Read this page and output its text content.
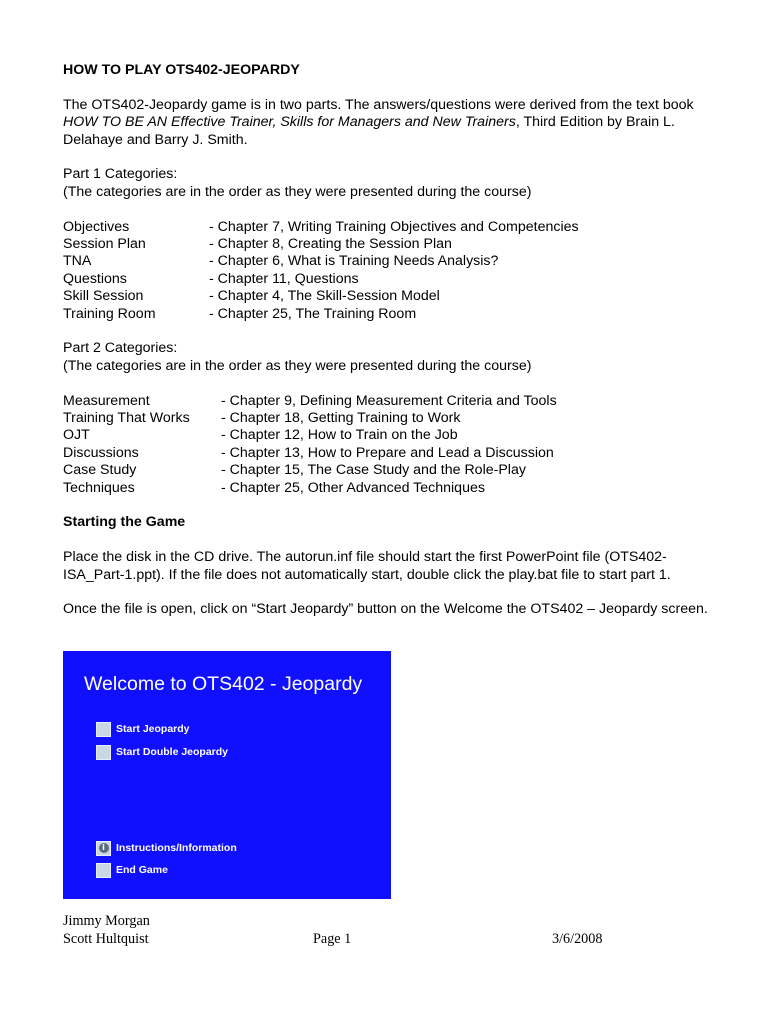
HOW TO PLAY OTS402-JEOPARDY

The OTS402-Jeopardy game is in two parts. The answers/questions were derived from the text book HOW TO BE AN Effective Trainer, Skills for Managers and New Trainers, Third Edition by Brain L. Delahaye and Barry J. Smith.

Part 1 Categories:

(The categories are in the order as they were presented during the course)

Objectives	- Chapter 7, Writing Training Objectives and Competencies
Session Plan	- Chapter 8, Creating the Session Plan
TNA	- Chapter 6, What is Training Needs Analysis?
Questions	- Chapter 11, Questions
Skill Session	- Chapter 4, The Skill-Session Model
Training Room	- Chapter 25, The Training Room

Part 2 Categories:

(The categories are in the order as they were presented during the course)

Measurement	- Chapter 9, Defining Measurement Criteria and Tools
Training That Works	- Chapter 18, Getting Training to Work
OJT	- Chapter 12, How to Train on the Job
Discussions	- Chapter 13, How to Prepare and Lead a Discussion
Case Study	- Chapter 15, The Case Study and the Role-Play
Techniques	- Chapter 25, Other Advanced Techniques

Starting the Game

Place the disk in the CD drive. The autorun.inf file should start the first PowerPoint file (OTS402-ISA_Part-1.ppt). If the file does not automatically start, double click the play.bat file to start part 1.

Once the file is open, click on “Start Jeopardy” button on the Welcome the OTS402 – Jeopardy screen.

Welcome to OTS402 - Jeopardy
Start Jeopardy
Start Double Jeopardy
i	Instructions/Information
End Game
Jimmy Morgan
Scott Hultquist	Page 1	3/6/2008
